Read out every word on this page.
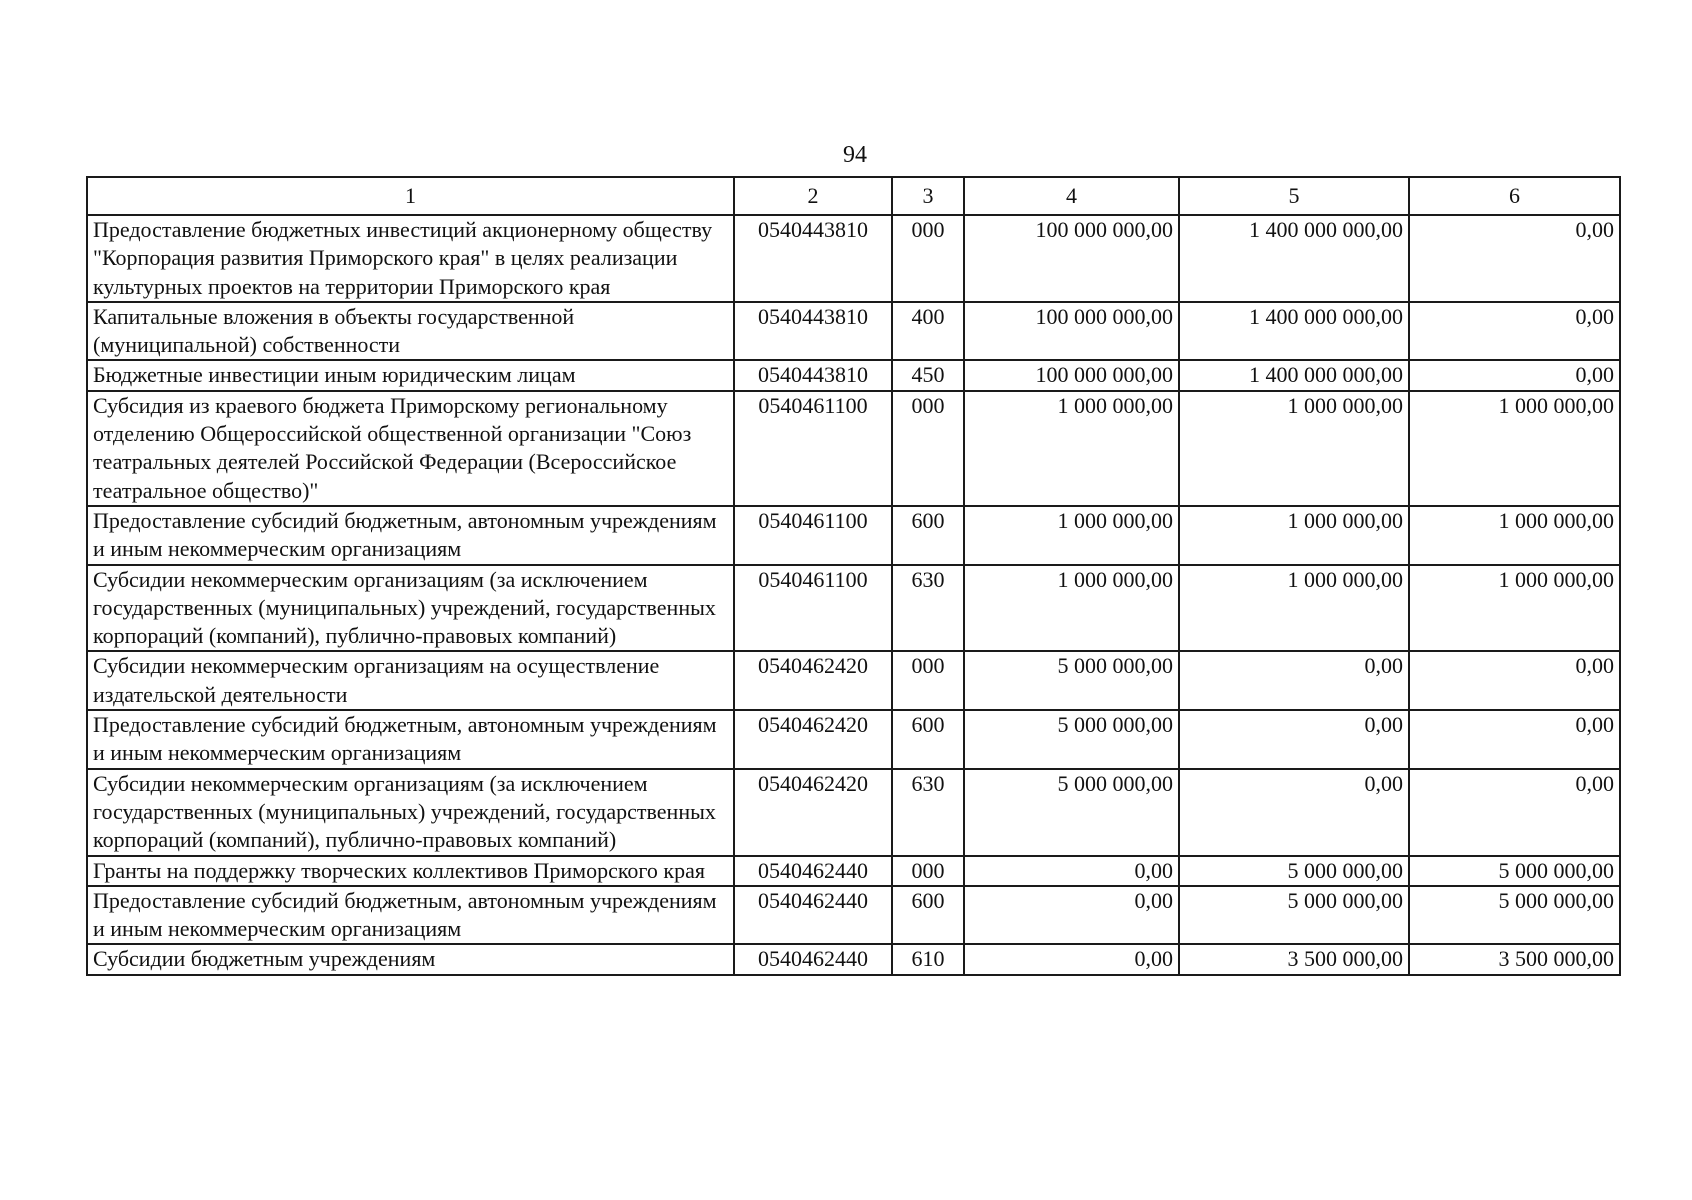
94
1	2	3	4	5	6
Предоставление бюджетных инвестиций акционерному обществу "Корпорация развития Приморского края" в целях реализации культурных проектов на территории Приморского края	0540443810	000	100 000 000,00	1 400 000 000,00	0,00
Капитальные вложения в объекты государственной (муниципальной) собственности	0540443810	400	100 000 000,00	1 400 000 000,00	0,00
Бюджетные инвестиции иным юридическим лицам	0540443810	450	100 000 000,00	1 400 000 000,00	0,00
Субсидия из краевого бюджета Приморскому региональному отделению Общероссийской общественной организации "Союз театральных деятелей Российской Федерации (Всероссийское театральное общество)"	0540461100	000	1 000 000,00	1 000 000,00	1 000 000,00
Предоставление субсидий бюджетным, автономным учреждениям и иным некоммерческим организациям	0540461100	600	1 000 000,00	1 000 000,00	1 000 000,00
Субсидии некоммерческим организациям (за исключением государственных (муниципальных) учреждений, государственных корпораций (компаний), публично-правовых компаний)	0540461100	630	1 000 000,00	1 000 000,00	1 000 000,00
Субсидии некоммерческим организациям на осуществление издательской деятельности	0540462420	000	5 000 000,00	0,00	0,00
Предоставление субсидий бюджетным, автономным учреждениям и иным некоммерческим организациям	0540462420	600	5 000 000,00	0,00	0,00
Субсидии некоммерческим организациям (за исключением государственных (муниципальных) учреждений, государственных корпораций (компаний), публично-правовых компаний)	0540462420	630	5 000 000,00	0,00	0,00
Гранты на поддержку творческих коллективов Приморского края	0540462440	000	0,00	5 000 000,00	5 000 000,00
Предоставление субсидий бюджетным, автономным учреждениям и иным некоммерческим организациям	0540462440	600	0,00	5 000 000,00	5 000 000,00
Субсидии бюджетным учреждениям	0540462440	610	0,00	3 500 000,00	3 500 000,00
